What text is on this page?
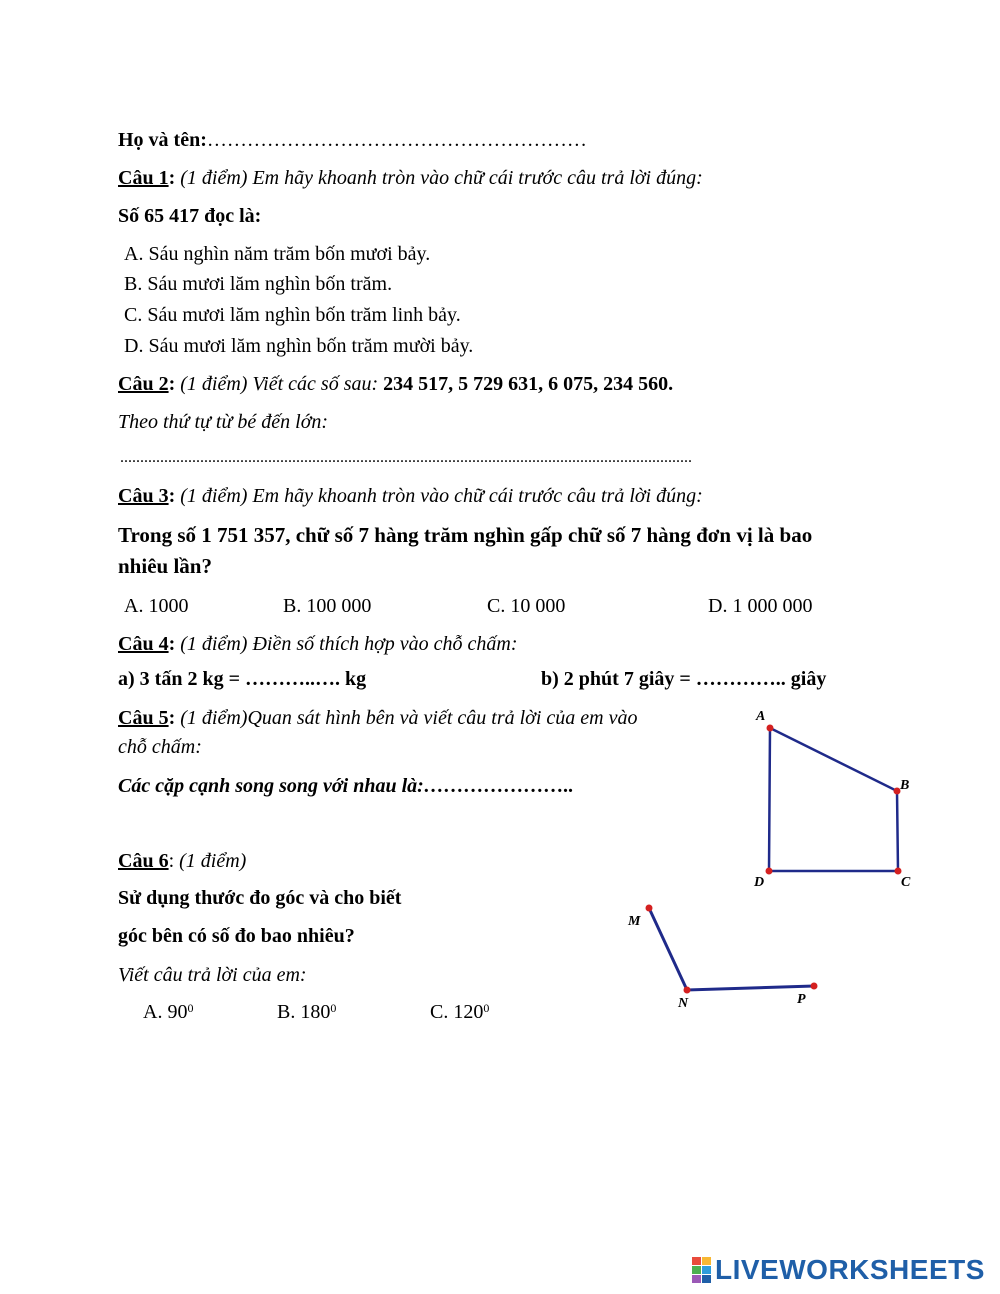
Họ và tên:…………………………………………………
Câu 1: (1 điểm) Em hãy khoanh tròn vào chữ cái trước câu trả lời đúng:
Số 65 417 đọc là:
A. Sáu nghìn năm trăm bốn mươi bảy.
B. Sáu mươi lăm nghìn bốn trăm.
C. Sáu mươi lăm nghìn bốn trăm linh bảy.
D. Sáu mươi lăm nghìn bốn trăm mười bảy.
Câu 2: (1 điểm) Viết các số sau: 234 517, 5 729 631, 6 075, 234 560.
Theo thứ tự từ bé đến lớn:
...............................................................................................................................................
Câu 3: (1 điểm) Em hãy khoanh tròn vào chữ cái trước câu trả lời đúng:
Trong số 1 751 357, chữ số 7 hàng trăm nghìn gấp chữ số 7 hàng đơn vị là bao
nhiêu lần?
A. 1000	B. 100 000	C. 10 000	D. 1 000 000
Câu 4: (1 điểm) Điền số thích hợp vào chỗ chấm:
a) 3 tấn 2 kg = ………..…. kg	b) 2 phút 7 giây = ………….. giây
Câu 5: (1 điểm)Quan sát hình bên và viết câu trả lời của em vào
chỗ chấm:
Các cặp cạnh song song với nhau là:…………………..
A
B
C
D
Câu 6: (1 điểm)
Sử dụng thước đo góc và cho biết
góc bên có số đo bao nhiêu?
Viết câu trả lời của em:
A. $90^0$	B. $180^0$	C. $120^0$
M
N	P
LIVEWORKSHEETS
